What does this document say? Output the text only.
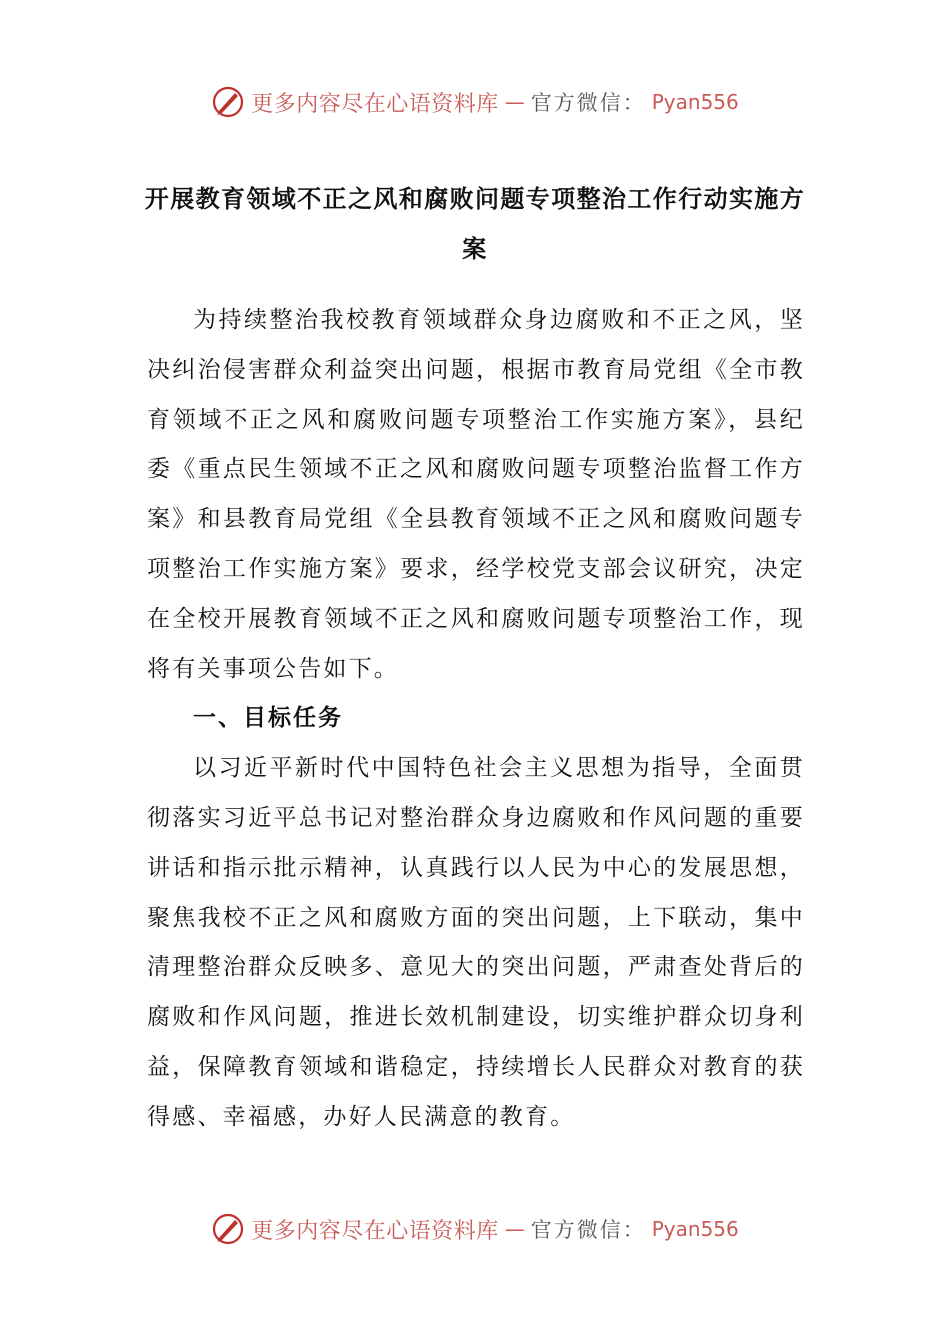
更多内容尽在心语资料库 — 官方微信： Pyan556
开展教育领域不正之风和腐败问题专项整治工作行动实施方案

为持续整治我校教育领域群众身边腐败和不正之风，坚决纠治侵害群众利益突出问题，根据市教育局党组《全市教育领域不正之风和腐败问题专项整治工作实施方案》，县纪委《重点民生领域不正之风和腐败问题专项整治监督工作方案》和县教育局党组《全县教育领域不正之风和腐败问题专项整治工作实施方案》要求，经学校党支部会议研究，决定在全校开展教育领域不正之风和腐败问题专项整治工作，现将有关事项公告如下。

一、目标任务

以习近平新时代中国特色社会主义思想为指导，全面贯彻落实习近平总书记对整治群众身边腐败和作风问题的重要讲话和指示批示精神，认真践行以人民为中心的发展思想，聚焦我校不正之风和腐败方面的突出问题，上下联动，集中清理整治群众反映多、意见大的突出问题，严肃查处背后的腐败和作风问题，推进长效机制建设，切实维护群众切身利益，保障教育领域和谐稳定，持续增长人民群众对教育的获得感、幸福感，办好人民满意的教育。

更多内容尽在心语资料库 — 官方微信： Pyan556
